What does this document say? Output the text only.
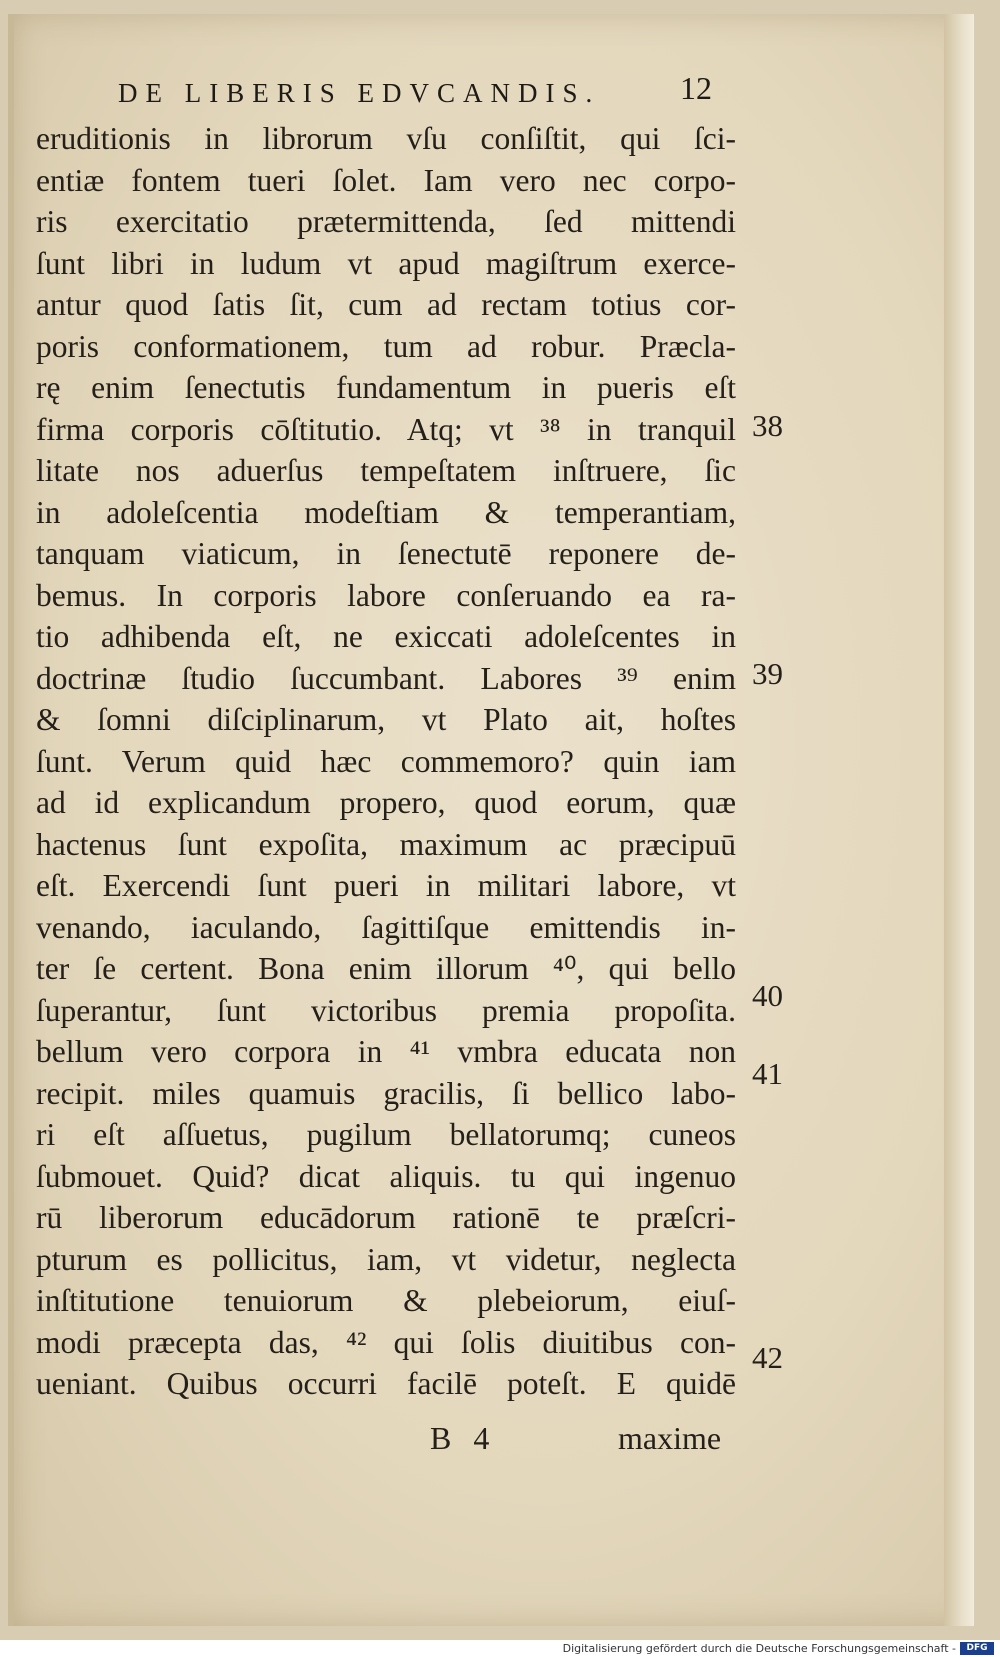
DE LIBERIS EDVCANDIS.	12
eruditionis in librorum vſu conſiſtit, qui ſci-
entiæ fontem tueri ſolet. Iam vero nec corpo-
ris exercitatio prætermittenda, ſed mittendi
ſunt libri in ludum vt apud magiſtrum exerce-
antur quod ſatis ſit, cum ad rectam totius cor-
poris conformationem, tum ad robur. Præcla-
rę enim ſenectutis fundamentum in pueris eſt
firma corporis cōſtitutio. Atq; vt ³⁸ in tranquil
litate nos aduerſus tempeſtatem inſtruere, ſic
in adoleſcentia modeſtiam & temperantiam,
tanquam viaticum, in ſenectutē reponere de-
bemus. In corporis labore conſeruando ea ra-
tio adhibenda eſt, ne exiccati adoleſcentes in
doctrinæ ſtudio ſuccumbant. Labores ³⁹ enim
& ſomni diſciplinarum, vt Plato ait, hoſtes
ſunt. Verum quid hæc commemoro? quin iam
ad id explicandum propero, quod eorum, quæ
hactenus ſunt expoſita, maximum ac præcipuū
eſt. Exercendi ſunt pueri in militari labore, vt
venando, iaculando, ſagittiſque emittendis in-
ter ſe certent. Bona enim illorum ⁴⁰, qui bello
ſuperantur, ſunt victoribus premia propoſita.
bellum vero corpora in ⁴¹ vmbra educata non
recipit. miles quamuis gracilis, ſi bellico labo-
ri eſt aſſuetus, pugilum bellatorumq; cuneos
ſubmouet. Quid? dicat aliquis. tu qui ingenuo
rū liberorum educādorum rationē te præſcri-
pturum es pollicitus, iam, vt videtur, neglecta
inſtitutione tenuiorum & plebeiorum, eiuſ-
modi præcepta das, ⁴² qui ſolis diuitibus con-
ueniant. Quibus occurri facilē poteſt. E quidē
38
39
40
41
42
B 4	maxime
Digitalisierung gefördert durch die Deutsche Forschungsgemeinschaft -	DFG
